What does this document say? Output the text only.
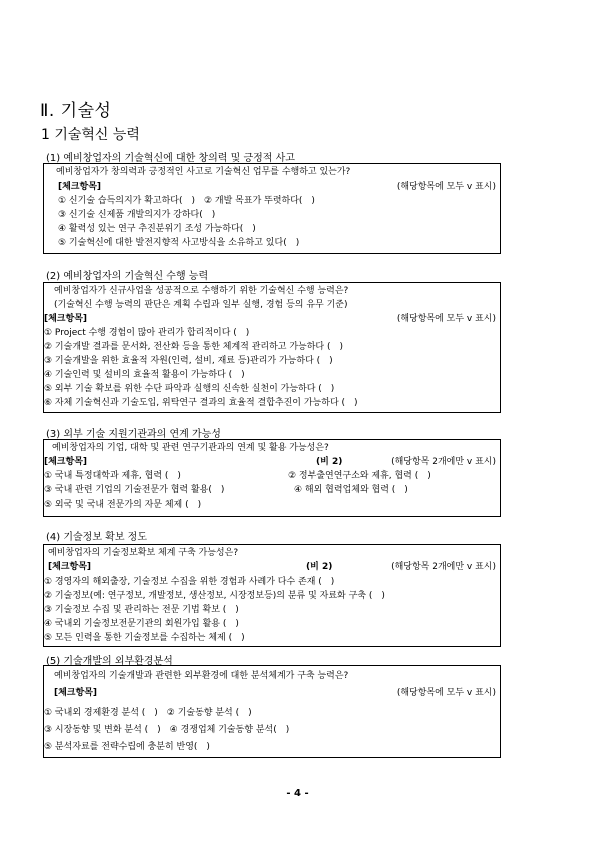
Ⅱ. 기술성
1 기술혁신 능력
(1) 예비창업자의 기술혁신에 대한 창의력 및 긍정적 사고
예비창업자가 창의력과 긍정적인 사고로 기술혁신 업무를 수행하고 있는가?
[체크항목]	(해당항목에 모두 v 표시)
① 신기술 습득의지가 확고하다(　)　② 개발 목표가 뚜렷하다(　)
③ 신기술 신제품 개발의지가 강하다(　)
④ 활력성 있는 연구 추진분위기 조성 가능하다(　)
⑤ 기술혁신에 대한 발전지향적 사고방식을 소유하고 있다(　)
(2) 예비창업자의 기술혁신 수행 능력
예비창업자가 신규사업을 성공적으로 수행하기 위한 기술혁신 수행 능력은?
(기술혁신 수행 능력의 판단은 계획 수립과 일부 실행, 경험 등의 유무 기준)
[체크항목]	(해당항목에 모두 v 표시)
① Project 수행 경험이 많아 관리가 합리적이다 (　)
② 기술개발 결과를 문서화, 전산화 등을 통한 체계적 관리하고 가능하다 (　)
③ 기술개발을 위한 효율적 자원(인력, 설비, 재료 등)관리가 가능하다 (　)
④ 기술인력 및 설비의 효율적 활용이 가능하다 (　)
⑤ 외부 기술 확보를 위한 수단 파악과 실행의 신속한 실천이 가능하다 (　)
⑥ 자체 기술혁신과 기술도입, 위탁연구 결과의 효율적 결합추진이 가능하다 (　)
(3) 외부 기술 지원기관과의 연계 가능성
예비창업자의 기업, 대학 및 관련 연구기관과의 연계 및 활용 가능성은?
[체크항목]	(비 2)	(해당항목 2개에만 v 표시)
① 국내 특정대학과 제휴, 협력 (　)	② 정부출연연구소와 제휴, 협력 (　)
③ 국내 관련 기업의 기술전문가 협력 활용(　)	④ 해외 협력업체와 협력 (　)
⑤ 외국 및 국내 전문가의 자문 체제 (　)
(4) 기술정보 확보 정도
예비창업자의 기술정보확보 체계 구축 가능성은?
[체크항목]	(비 2)	(해당항목 2개에만 v 표시)
① 경영자의 해외출장, 기술정보 수집을 위한 경험과 사례가 다수 존재 (　)
② 기술정보(예: 연구정보, 개발정보, 생산정보, 시장정보등)의 분류 및 자료화 구축 (　)
③ 기술정보 수집 및 관리하는 전문 기법 확보 (　)
④ 국내외 기술정보전문기관의 회원가입 활용 (　)
⑤ 모든 인력을 통한 기술정보를 수집하는 체제 (　)
(5) 기술개발의 외부환경분석
예비창업자의 기술개발과 관련한 외부환경에 대한 분석체계가 구축 능력은?
[체크항목]	(해당항목에 모두 v 표시)
① 국내외 경제환경 분석 (　)　② 기술동향 분석 (　)
③ 시장동향 및 변화 분석 (　)　④ 경쟁업체 기술동향 분석(　)
⑤ 분석자료를 전략수립에 충분히 반영(　)
- 4 -
